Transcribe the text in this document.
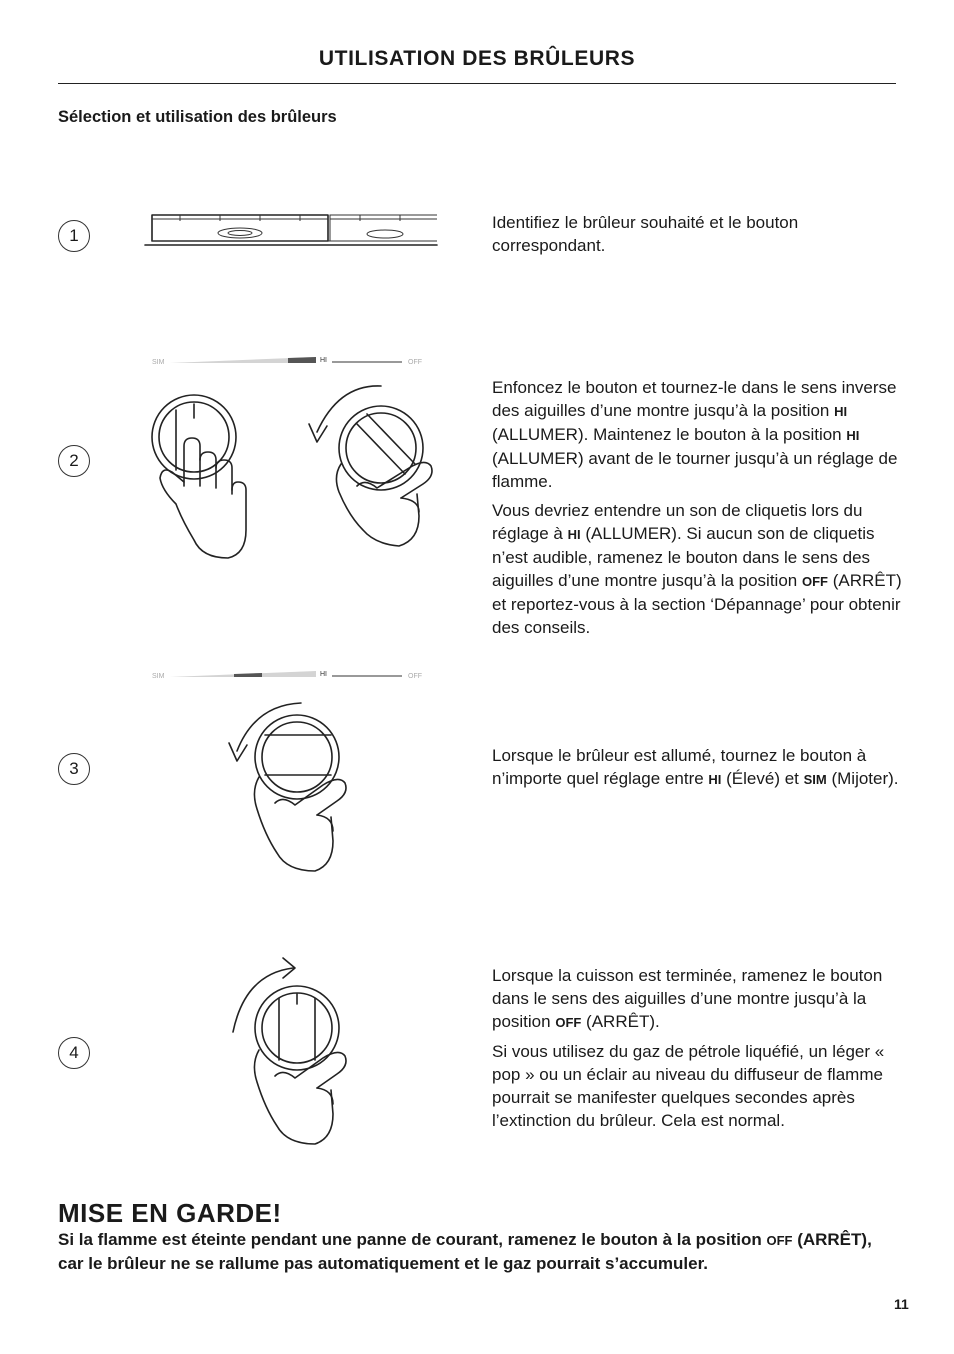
UTILISATION DES BRÛLEURS
Sélection et utilisation des brûleurs
1

Identifiez le brûleur souhaité et le bouton correspondant.

2
SIM	HI	OFF

Enfoncez le bouton et tournez-le dans le sens inverse des aiguilles d’une montre jusqu’à la position HI (ALLUMER). Maintenez le bouton à la position HI (ALLUMER) avant de le tourner jusqu’à un réglage de flamme.

Vous devriez entendre un son de cliquetis lors du réglage à HI (ALLUMER). Si aucun son de cliquetis n’est audible, ramenez le bouton dans le sens des aiguilles d’une montre jusqu’à la position OFF (ARRÊT) et reportez-vous à la section ‘Dépannage’ pour obtenir des conseils.

3
SIM	HI	OFF

Lorsque le brûleur est allumé, tournez le bouton à n’importe quel réglage entre HI (Élevé) et SIM (Mijoter).

4

Lorsque la cuisson est terminée, ramenez le bouton dans le sens des aiguilles d’une montre jusqu’à la position OFF (ARRÊT).

Si vous utilisez du gaz de pétrole liquéfié, un léger « pop » ou un éclair au niveau du diffuseur de flamme pourrait se manifester quelques secondes après l’extinction du brûleur. Cela est normal.

MISE EN GARDE!
Si la flamme est éteinte pendant une panne de courant, ramenez le bouton à la position OFF (ARRÊT), car le brûleur ne se rallume pas automatiquement et le gaz pourrait s’accumuler.
11
